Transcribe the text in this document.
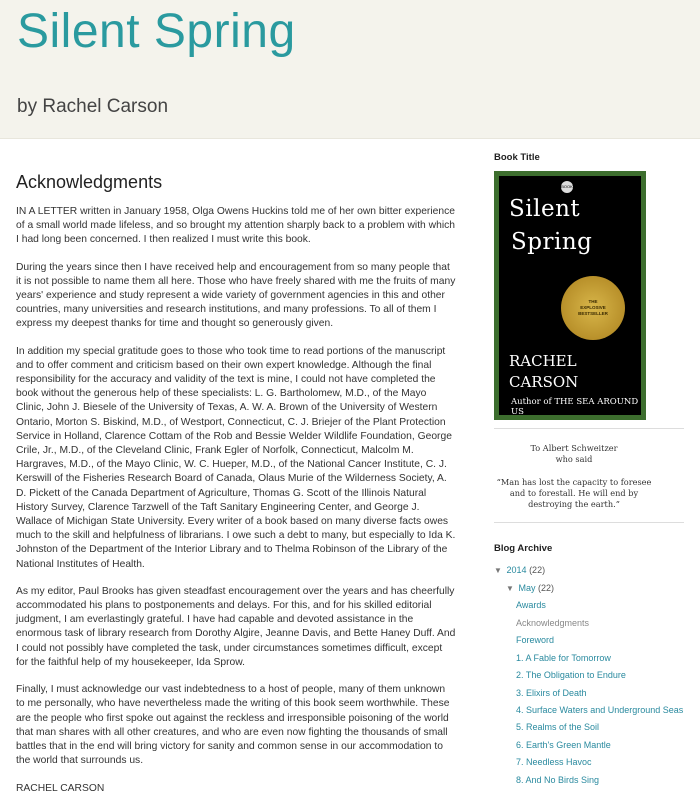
Silent Spring
by Rachel Carson
Acknowledgments

IN A LETTER written in January 1958, Olga Owens Huckins told me of her own bitter experience of a small world made lifeless, and so brought my attention sharply back to a problem with which I had long been concerned. I then realized I must write this book.

During the years since then I have received help and encouragement from so many people that it is not possible to name them all here. Those who have freely shared with me the fruits of many years' experience and study represent a wide variety of government agencies in this and other countries, many universities and research institutions, and many professions. To all of them I express my deepest thanks for time and thought so generously given.

In addition my special gratitude goes to those who took time to read portions of the manuscript and to offer comment and criticism based on their own expert knowledge. Although the final responsibility for the accuracy and validity of the text is mine, I could not have completed the book without the generous help of these specialists: L. G. Bartholomew, M.D., of the Mayo Clinic, John J. Biesele of the University of Texas, A. W. A. Brown of the University of Western Ontario, Morton S. Biskind, M.D., of Westport, Connecticut, C. J. Briejer of the Plant Protection Service in Holland, Clarence Cottam of the Rob and Bessie Welder Wildlife Foundation, George Crile, Jr., M.D., of the Cleveland Clinic, Frank Egler of Norfolk, Connecticut, Malcolm M. Hargraves, M.D., of the Mayo Clinic, W. C. Hueper, M.D., of the National Cancer Institute, C. J. Kerswill of the Fisheries Research Board of Canada, Olaus Murie of the Wilderness Society, A. D. Pickett of the Canada Department of Agriculture, Thomas G. Scott of the Illinois Natural History Survey, Clarence Tarzwell of the Taft Sanitary Engineering Center, and George J. Wallace of Michigan State University. Every writer of a book based on many diverse facts owes much to the skill and helpfulness of librarians. I owe such a debt to many, but especially to Ida K. Johnston of the Department of the Interior Library and to Thelma Robinson of the Library of the National Institutes of Health.

As my editor, Paul Brooks has given steadfast encouragement over the years and has cheerfully accommodated his plans to postponements and delays. For this, and for his skilled editorial judgment, I am everlastingly grateful. I have had capable and devoted assistance in the enormous task of library research from Dorothy Algire, Jeanne Davis, and Bette Haney Duff. And I could not possibly have completed the task, under circumstances sometimes difficult, except for the faithful help of my housekeeper, Ida Sprow.

Finally, I must acknowledge our vast indebtedness to a host of people, many of them unknown to me personally, who have nevertheless made the writing of this book seem worthwhile. These are the people who first spoke out against the reckless and irresponsible poisoning of the world that man shares with all other creatures, and who are even now fighting the thousands of small battles that in the end will bring victory for sanity and common sense in our accommodation to the world that surrounds us.

RACHEL CARSON

Book Title
BOOK
Silent
Spring
THE
EXPLOSIVE
BESTSELLER
RACHEL
CARSON
Author of THE SEA AROUND US

To Albert Schweitzer
who said

“Man has lost the capacity to foresee and to forestall. He will end by destroying the earth.”

Blog Archive
▼ 2014 (22)
▼ May (22)
Awards
Acknowledgments
Foreword
1. A Fable for Tomorrow
2. The Obligation to Endure
3. Elixirs of Death
4. Surface Waters and Underground Seas
5. Realms of the Soil
6. Earth's Green Mantle
7. Needless Havoc
8. And No Birds Sing
